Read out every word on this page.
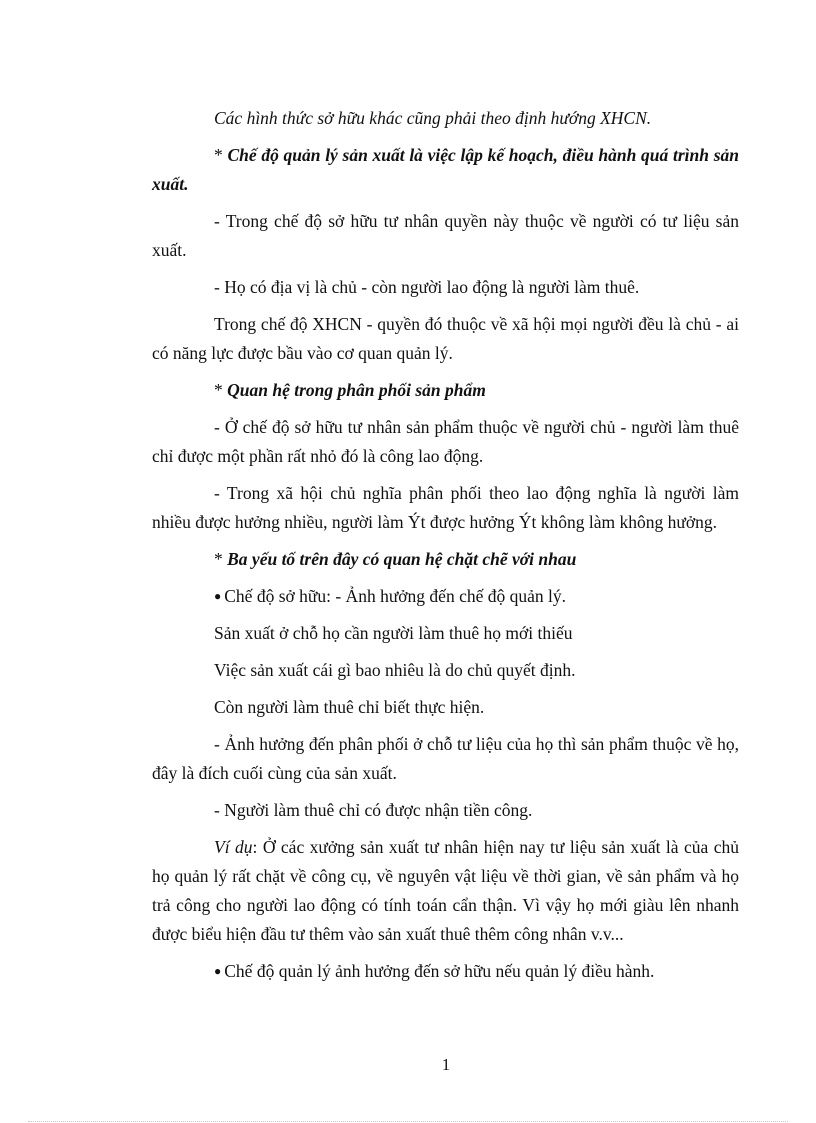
Các hình thức sở hữu khác cũng phải theo định hướng XHCN.

* Chế độ quản lý sản xuất là việc lập kế hoạch, điều hành quá trình sản xuất.

- Trong chế độ sở hữu tư nhân quyền này thuộc về người có tư liệu sản xuất.

- Họ có địa vị là chủ - còn người lao động là người làm thuê.

Trong chế độ XHCN - quyền đó thuộc về xã hội mọi người đều là chủ - ai có năng lực được bầu vào cơ quan quản lý.

* Quan hệ trong phân phối sản phẩm

- Ở chế độ sở hữu tư nhân sản phẩm thuộc về người chủ - người làm thuê chỉ được một phần rất nhỏ đó là công lao động.

- Trong xã hội chủ nghĩa phân phối theo lao động nghĩa là người làm nhiều được hưởng nhiều, người làm Ýt được hưởng Ýt không làm không hưởng.

* Ba yếu tố trên đây có quan hệ chặt chẽ với nhau

● Chế độ sở hữu: - Ảnh hưởng đến chế độ quản lý.

Sản xuất ở chỗ họ cần người làm thuê họ mới thiếu

Việc sản xuất cái gì bao nhiêu là do chủ quyết định.

Còn người làm thuê chỉ biết thực hiện.

- Ảnh hưởng đến phân phối ở chỗ tư liệu của họ thì sản phẩm thuộc về họ, đây là đích cuối cùng của sản xuất.

- Người làm thuê chỉ có được nhận tiền công.

Ví dụ: Ở các xưởng sản xuất tư nhân hiện nay tư liệu sản xuất là của chủ họ quản lý rất chặt về công cụ, về nguyên vật liệu về thời gian, về sản phẩm và họ trả công cho người lao động có tính toán cẩn thận. Vì vậy họ mới giàu lên nhanh được biểu hiện đầu tư thêm vào sản xuất thuê thêm công nhân v.v...

● Chế độ quản lý ảnh hưởng đến sở hữu nếu quản lý điều hành.

1
